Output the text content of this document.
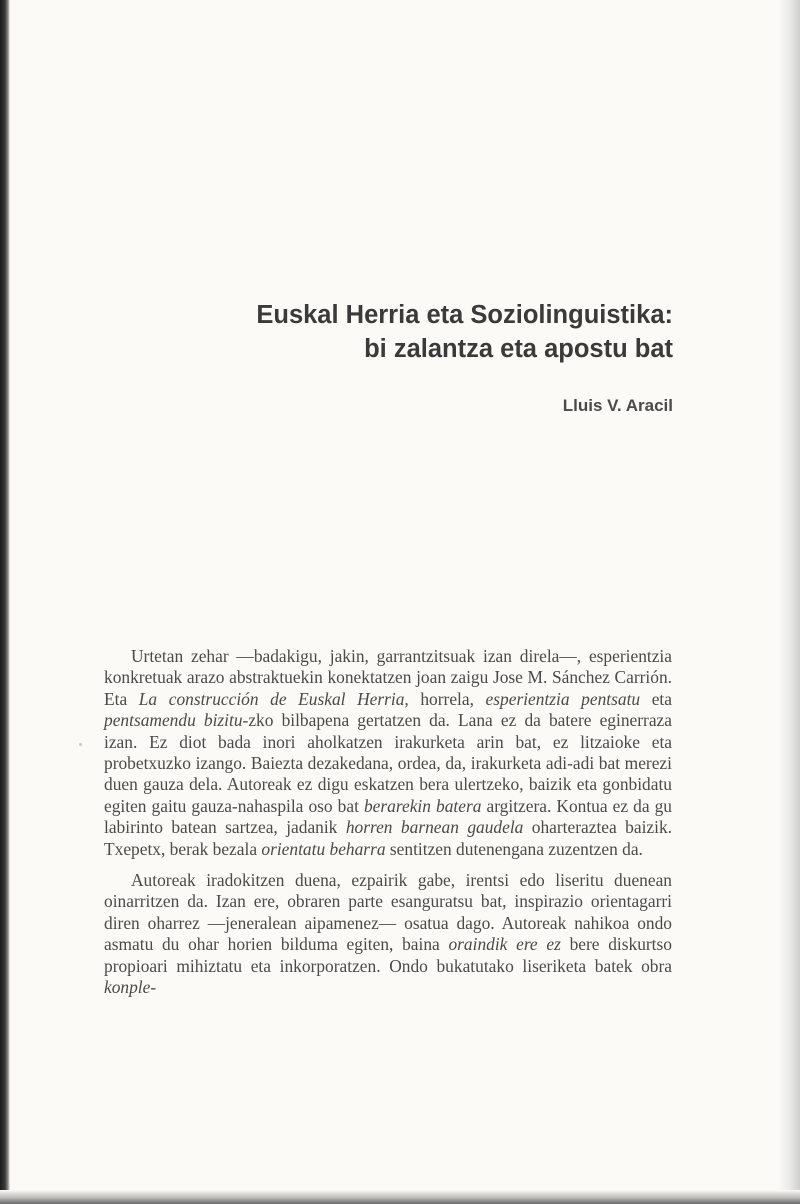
Euskal Herria eta Soziolinguistika:
bi zalantza eta apostu bat
Lluis V. Aracil

Urtetan zehar —badakigu, jakin, garrantzitsuak izan direla—, esperientzia konkretuak arazo abstraktuekin konektatzen joan zaigu Jose M. Sánchez Carrión. Eta La construcción de Euskal Herria, horrela, esperientzia pentsatu eta pentsamendu bizitu-zko bilbapena gertatzen da. Lana ez da batere eginerraza izan. Ez diot bada inori aholkatzen irakurketa arin bat, ez litzaioke eta probetxuzko izango. Baiezta dezakedana, ordea, da, irakurketa adi-adi bat merezi duen gauza dela. Autoreak ez digu eskatzen bera ulertzeko, baizik eta gonbidatu egiten gaitu gauza-nahaspila oso bat berarekin batera argitzera. Kontua ez da gu labirinto batean sartzea, jadanik horren barnean gaudela oharteraztea baizik. Txepetx, berak bezala orientatu beharra sentitzen dutenengana zuzentzen da.

Autoreak iradokitzen duena, ezpairik gabe, irentsi edo liseritu duenean oinarritzen da. Izan ere, obraren parte esanguratsu bat, inspirazio orientagarri diren oharrez —jeneralean aipamenez— osatua dago. Autoreak nahikoa ondo asmatu du ohar horien bilduma egiten, baina oraindik ere ez bere diskurtso propioari mihiztatu eta inkorporatzen. Ondo bukatutako liseriketa batek obra konple-
